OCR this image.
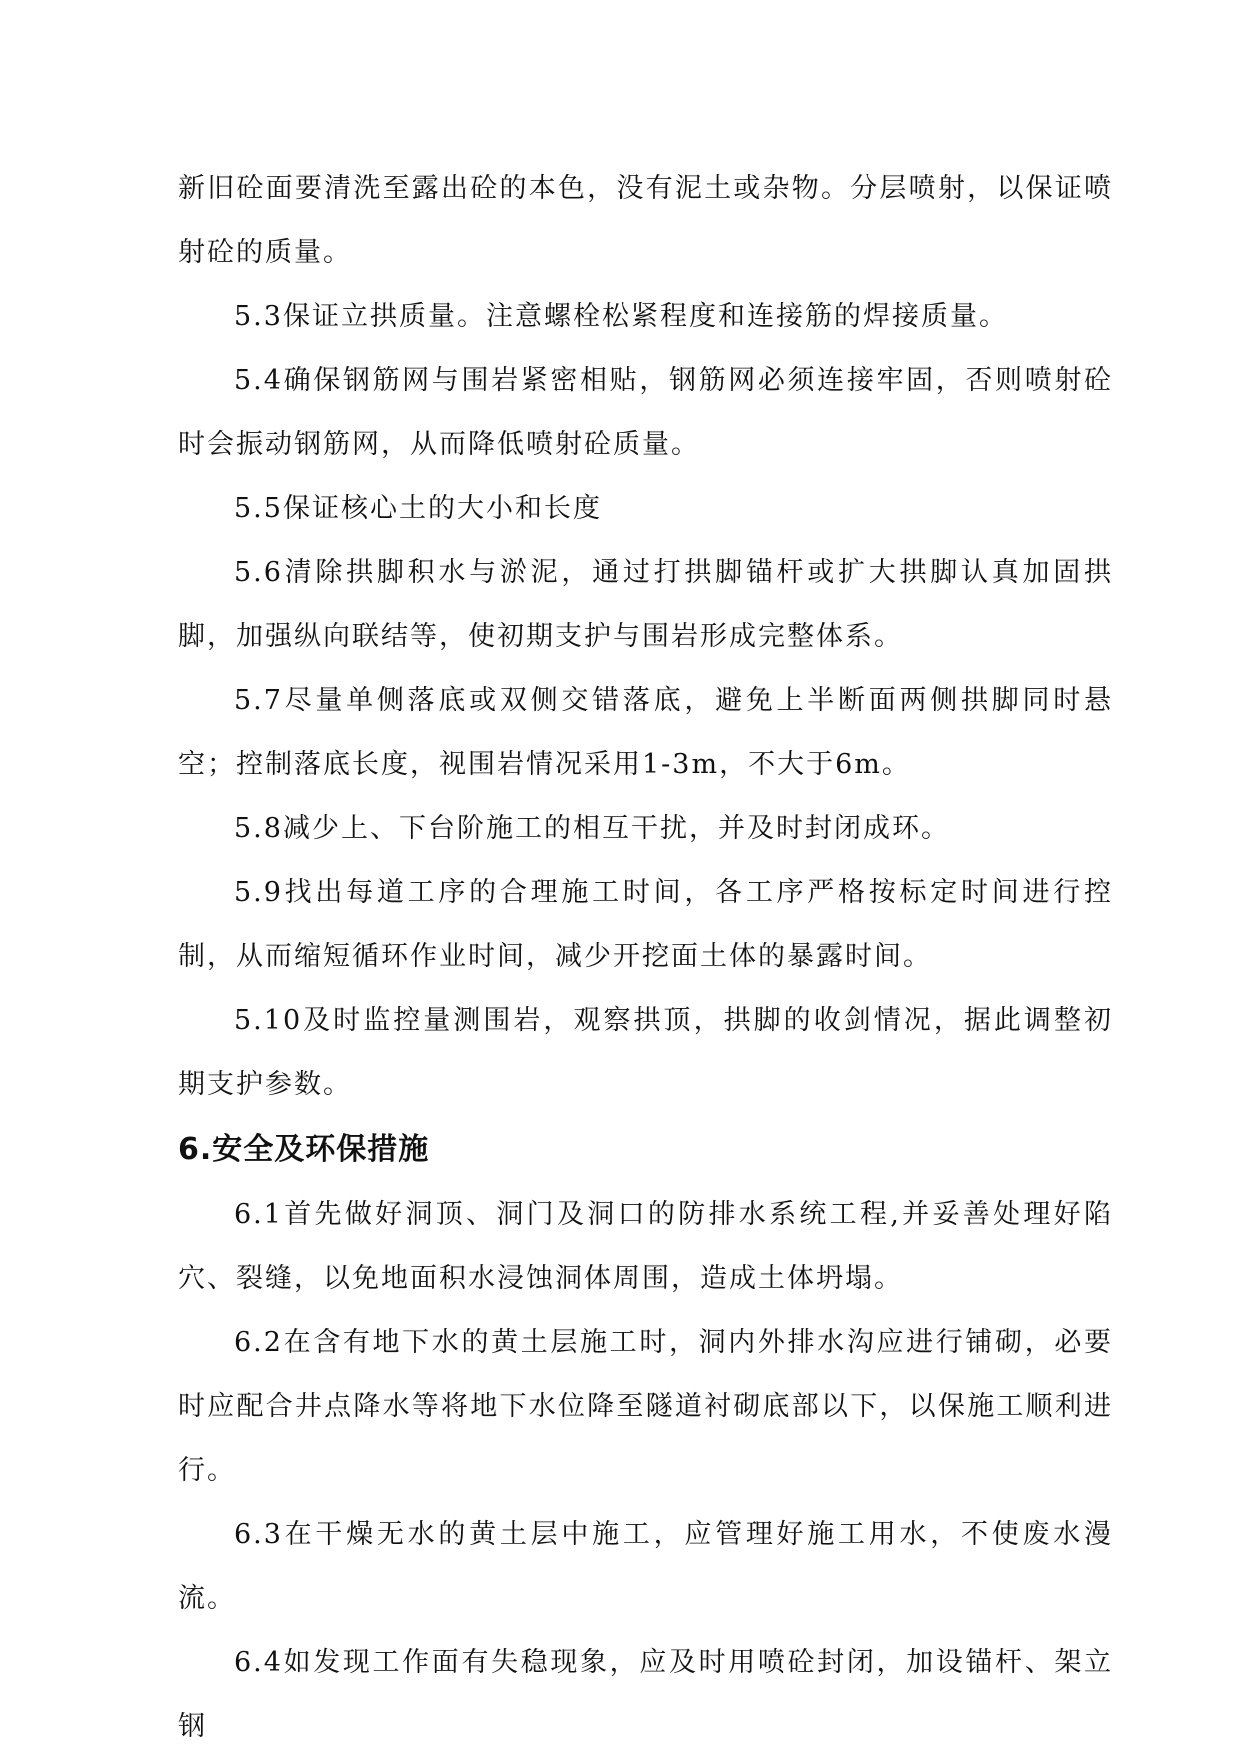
新旧砼面要清洗至露出砼的本色，没有泥土或杂物。分层喷射，以保证喷射砼的质量。

5.3保证立拱质量。注意螺栓松紧程度和连接筋的焊接质量。

5.4确保钢筋网与围岩紧密相贴，钢筋网必须连接牢固，否则喷射砼时会振动钢筋网，从而降低喷射砼质量。

5.5保证核心土的大小和长度

5.6清除拱脚积水与淤泥，通过打拱脚锚杆或扩大拱脚认真加固拱脚，加强纵向联结等，使初期支护与围岩形成完整体系。

5.7尽量单侧落底或双侧交错落底，避免上半断面两侧拱脚同时悬空；控制落底长度，视围岩情况采用1-3m，不大于6m。

5.8减少上、下台阶施工的相互干扰，并及时封闭成环。

5.9找出每道工序的合理施工时间，各工序严格按标定时间进行控制，从而缩短循环作业时间，减少开挖面土体的暴露时间。

5.10及时监控量测围岩，观察拱顶，拱脚的收剑情况，据此调整初期支护参数。

6.安全及环保措施

6.1首先做好洞顶、洞门及洞口的防排水系统工程,并妥善处理好陷穴、裂缝，以免地面积水浸蚀洞体周围，造成土体坍塌。

6.2在含有地下水的黄土层施工时，洞内外排水沟应进行铺砌，必要时应配合井点降水等将地下水位降至隧道衬砌底部以下，以保施工顺利进行。

6.3在干燥无水的黄土层中施工，应管理好施工用水，不使废水漫流。

6.4如发现工作面有失稳现象，应及时用喷砼封闭，加设锚杆、架立钢
